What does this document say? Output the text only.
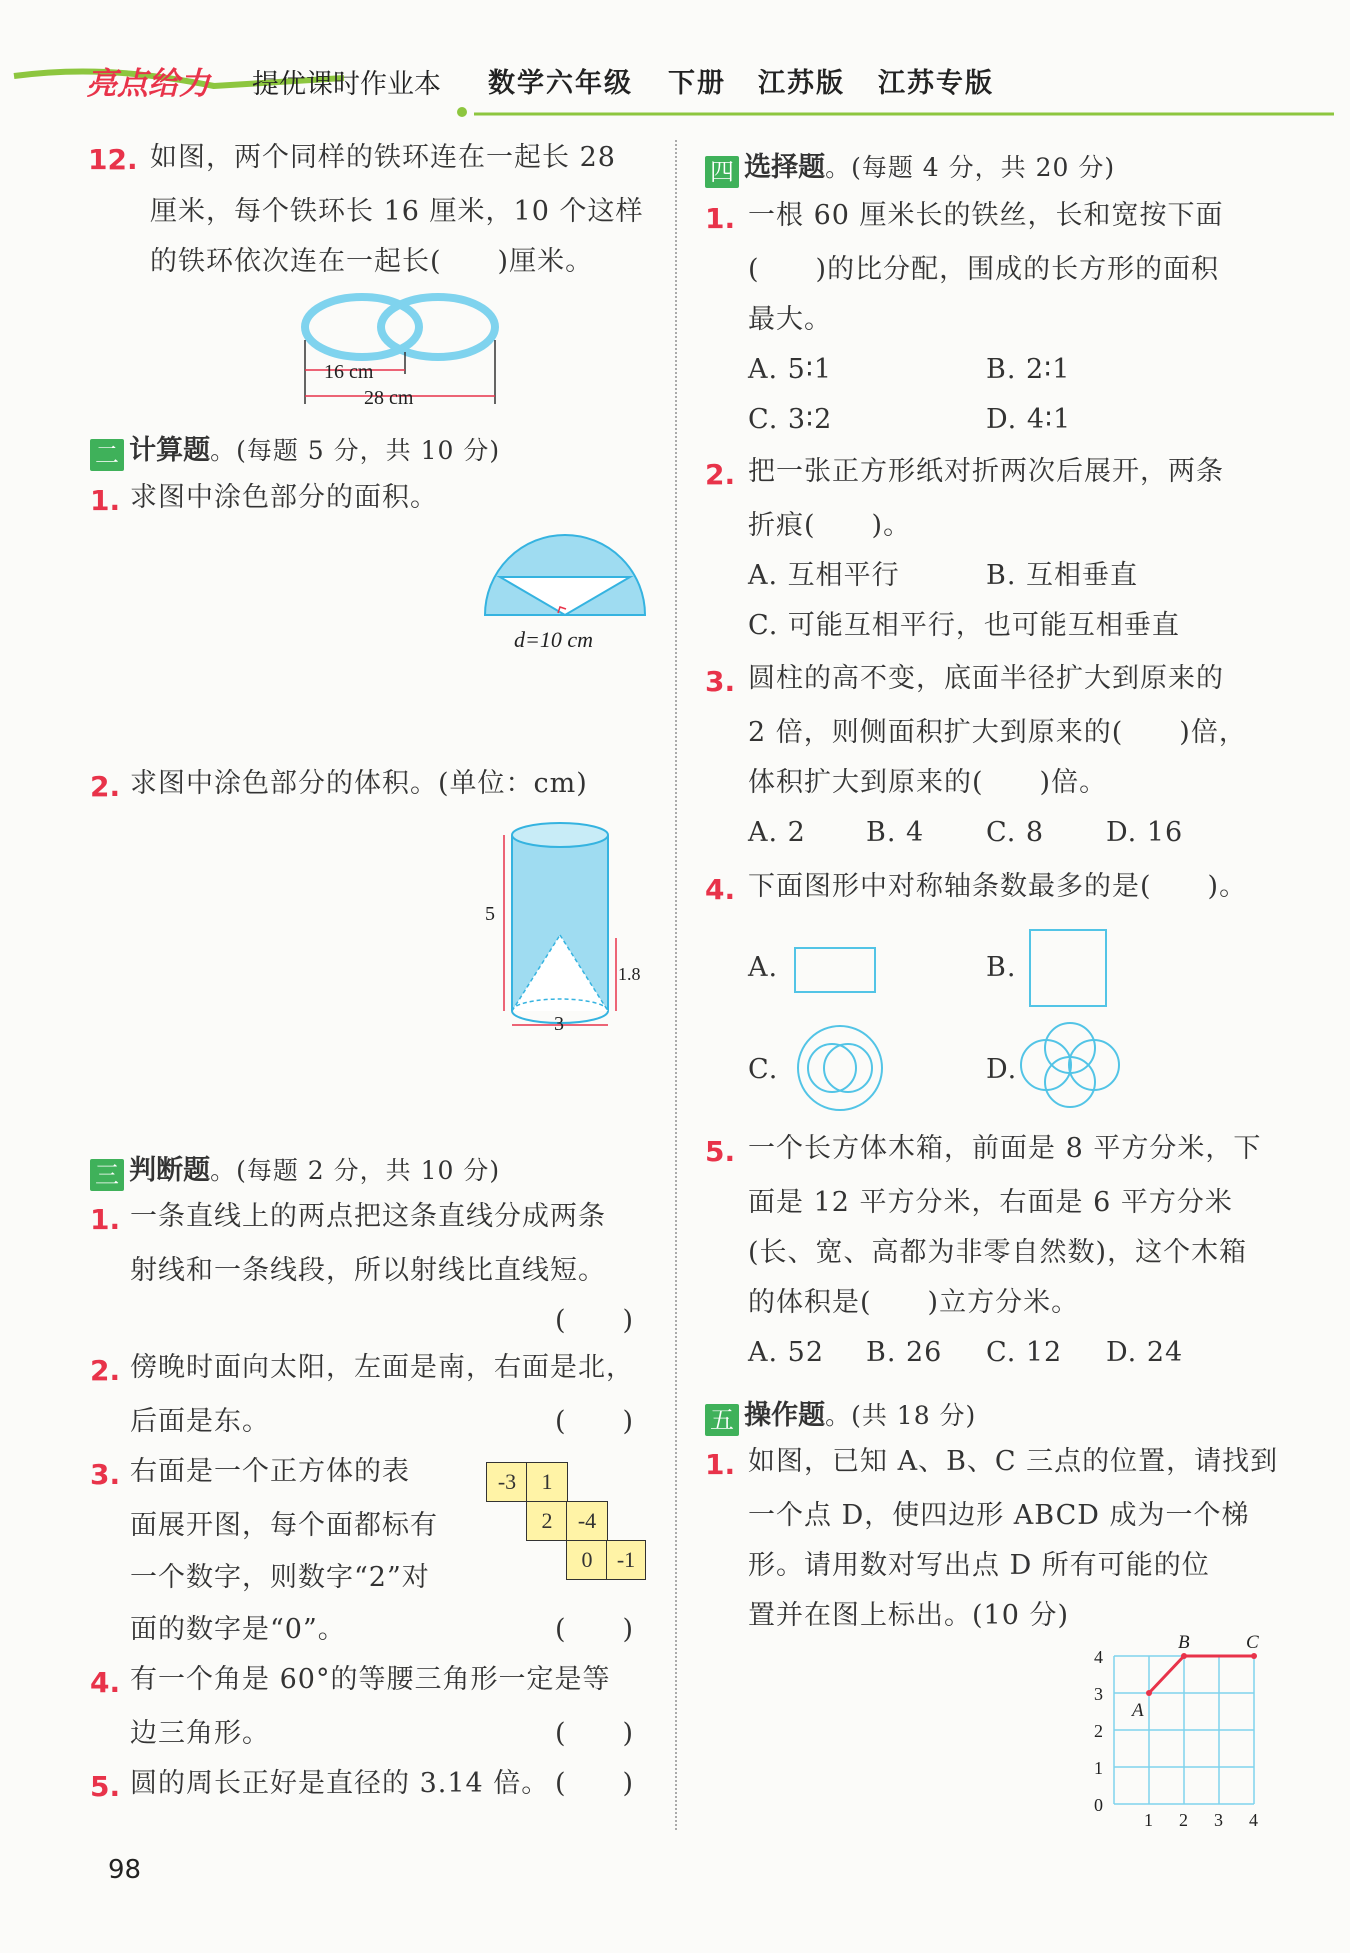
亮点给力 提优课时作业本 数学六年级 下册 江苏版 江苏专版
12. 如图，两个同样的铁环连在一起长 28
厘米，每个铁环长 16 厘米，10 个这样
的铁环依次连在一起长(　　)厘米。
16 cm
28 cm
二 计算题。(每题 5 分，共 10 分)
1. 求图中涂色部分的面积。
d=10 cm
2. 求图中涂色部分的体积。(单位：cm)
5
1.8
3
三 判断题。(每题 2 分，共 10 分)
1. 一条直线上的两点把这条直线分成两条
射线和一条线段，所以射线比直线短。
(　　)
2. 傍晚时面向太阳，左面是南，右面是北，
后面是东。	(　　)
3. 右面是一个正方体的表
面展开图，每个面都标有
一个数字，则数字“2”对
面的数字是“0”。	(　　)
-3	1
2	-4
0	-1
4. 有一个角是 60°的等腰三角形一定是等
边三角形。	(　　)
5. 圆的周长正好是直径的 3.14 倍。 (　　)
四 选择题。(每题 4 分，共 20 分)
1. 一根 60 厘米长的铁丝，长和宽按下面
(　　)的比分配，围成的长方形的面积
最大。
A. 5∶1	B. 2∶1
C. 3∶2	D. 4∶1
2. 把一张正方形纸对折两次后展开，两条
折痕(　　)。
A. 互相平行	B. 互相垂直
C. 可能互相平行，也可能互相垂直
3. 圆柱的高不变，底面半径扩大到原来的
2 倍，则侧面积扩大到原来的(　　)倍，
体积扩大到原来的(　　)倍。
A. 2 B. 4 C. 8 D. 16
4. 下面图形中对称轴条数最多的是(　　)。
A.	B.
C.	D.
5. 一个长方体木箱，前面是 8 平方分米，下
面是 12 平方分米，右面是 6 平方分米
(长、宽、高都为非零自然数)，这个木箱
的体积是(　　)立方分米。
A. 52 B. 26 C. 12 D. 24
五 操作题。(共 18 分)
1. 如图，已知 A、B、C 三点的位置，请找到
一个点 D，使四边形 ABCD 成为一个梯
形。请用数对写出点 D 所有可能的位
置并在图上标出。(10 分)
A
B	C
0
1
2
3
4
1 2 3 4
98
